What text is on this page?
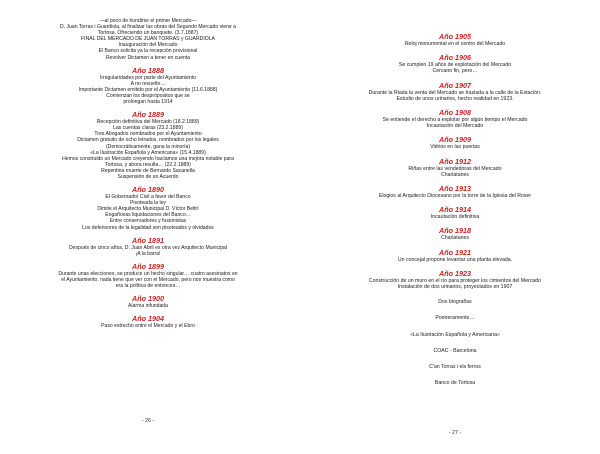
—al poco de hundirse el primer Mercado—
D. Juan Torras i Guardiola, al finalizar las obras del Segundo Mercado viene a
Tortosa. Ofreciendo un banquete. (3.7.1887)
FINAL DEL MERCADO DE JUAN TORRAS y GUARDIOLA
Inauguración del Mercado
El Banco solicita ya la recepción provisional
Revolver Dictamen a tener en cuenta
Año 1888
Irregularidades por parte del Ayuntamiento
A no revuelto…
Importante Dictamen emitido por el Ayuntamiento (11.6.1888)
Comienzan los desprópositos que se
prolongan hasta 1914
Año 1889
Recepción definitiva del Mercado (18.2.1889)
Las cuentas claras (23.2.1889)
Tres Abogados nombrados por el Ayuntamiento
Dictamen gratuito de ocho letrados, nombrados por los legales
(Democráticamente, gana la minoría)
«La Ilustración Española y Americana» (15.4.1889)
Hemos construido un Mercado creyendo hacíamos una mejora notable para
Tortosa, y ahora resulta… (22.2.1889)
Repentina muerte de Bernardo Sacanella
Suspensión de un Acuerdo
Año 1890
El Gobernador Civil a favor del Banco
Pisoteada la ley
Dimite el Arquitecto Municipal D. Víctor Beltrí
Engañosas liquidaciones del Banco…
Entre conservadores y fusionistas
Los defensores de la legalidad son pisoteados y olvidados
Año 1891
Después de cinco años, D. Juan Abril es otra vez Arquitecto Municipal
¡A la barra!
Año 1899
Durante unas elecciones, se produce un hecho singular… cuatro asesinatos en
el Ayuntamiento, nada tiene que ver con el Mercado, pero nos muestra como
era la política de entonces…
Año 1900
Alarma infundada
Año 1904
Paso estrecho entre el Mercado y el Ebro
- 26 -
Año 1905
Reloj monumental en el centro del Mercado
Año 1906
Se cumplen 19 años de explotación del Mercado
Cercano fin, pero…
Año 1907
Durante la Riada la venta del Mercado se traslada a la calle de la Estación.
Estudio de unos urinarios, hecho realidad en 1923.
Año 1908
Se entiende el derecho a explotar por algún tiempo el Mercado
Incautación del Mercado
Año 1909
Vidrios en las puertas
Año 1912
Riñas entre las vendedoras del Mercado
Charlatanes
Año 1913
Elogios al Arquitecto Diocesano por la torre de la Iglesia del Roser
Año 1914
Incautación definitiva
Año 1918
Charlatanes
Año 1921
Un concejal propone levantar una planta elevada.
Año 1923
Construcción de un muro en el río para proteger los cimientos del Mercado
Instalación de dos urinarios, proyectados en 1907
Dos biografías
Postreramente…
«La Ilustración Española y Americana»
COAC - Barcelona
C'an Torras i els ferros
Banco de Tortosa
- 27 -
